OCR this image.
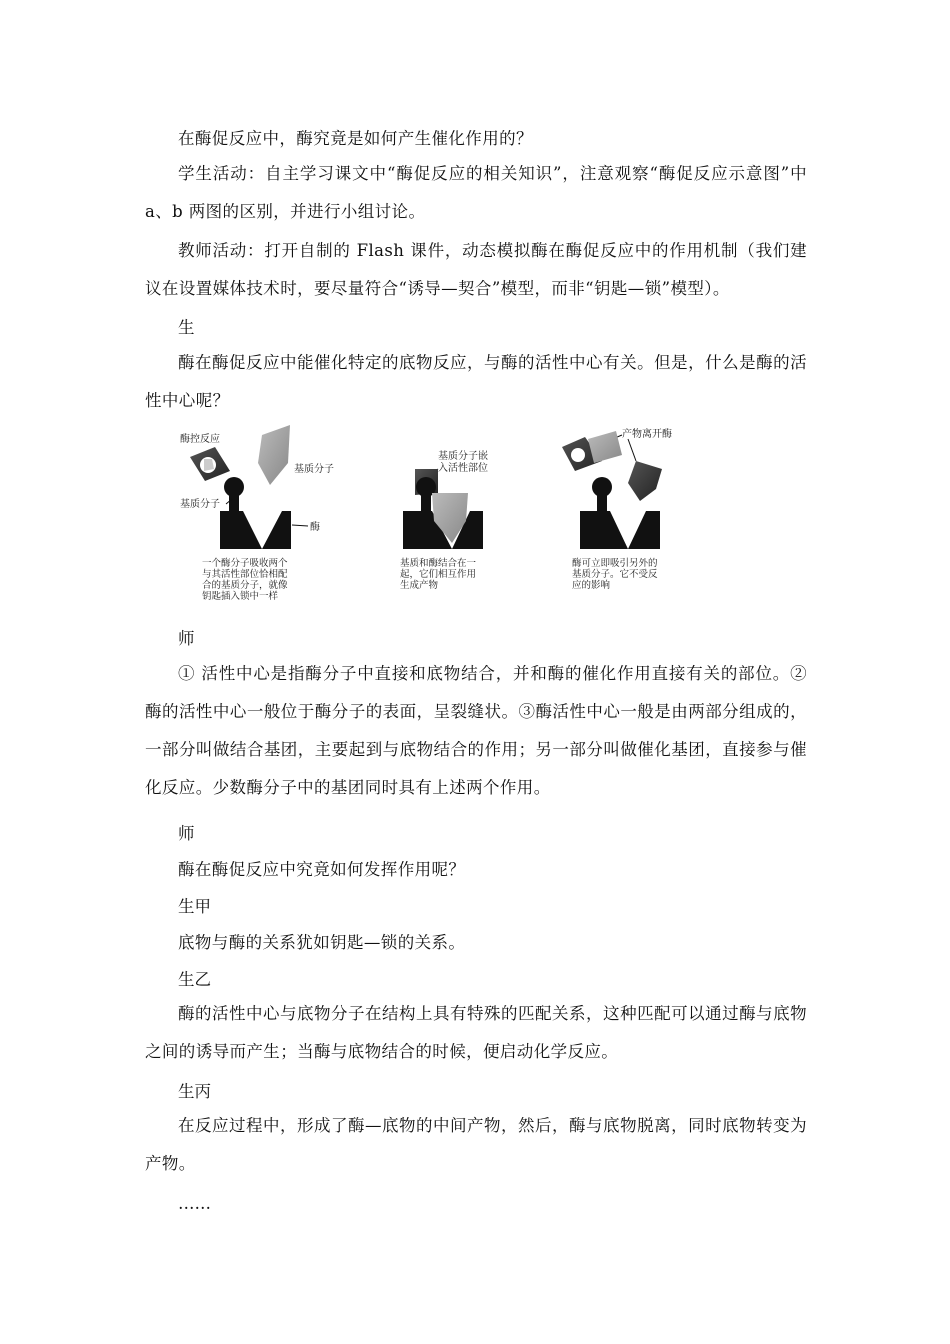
在酶促反应中，酶究竟是如何产生催化作用的？

学生活动：自主学习课文中“酶促反应的相关知识”，注意观察“酶促反应示意图”中 a、b 两图的区别，并进行小组讨论。

教师活动：打开自制的 Flash 课件，动态模拟酶在酶促反应中的作用机制（我们建议在设置媒体技术时，要尽量符合“诱导—契合”模型，而非“钥匙—锁”模型）。

生

酶在酶促反应中能催化特定的底物反应，与酶的活性中心有关。但是，什么是酶的活性中心呢？

酶控反应
基质分子
基质分子
酶
一个酶分子吸收两个 与其活性部位恰相配 合的基质分子，就像 钥匙插入锁中一样
基质分子嵌 入活性部位
基质和酶结合在一 起，它们相互作用 生成产物
产物离开酶
酶可立即吸引另外的 基质分子。它不受反 应的影响

师

① 活性中心是指酶分子中直接和底物结合，并和酶的催化作用直接有关的部位。②酶的活性中心一般位于酶分子的表面，呈裂缝状。③酶活性中心一般是由两部分组成的，一部分叫做结合基团，主要起到与底物结合的作用；另一部分叫做催化基团，直接参与催化反应。少数酶分子中的基团同时具有上述两个作用。

师

酶在酶促反应中究竟如何发挥作用呢？

生甲

底物与酶的关系犹如钥匙—锁的关系。

生乙

酶的活性中心与底物分子在结构上具有特殊的匹配关系，这种匹配可以通过酶与底物之间的诱导而产生；当酶与底物结合的时候，便启动化学反应。

生丙

在反应过程中，形成了酶—底物的中间产物，然后，酶与底物脱离，同时底物转变为产物。

……
